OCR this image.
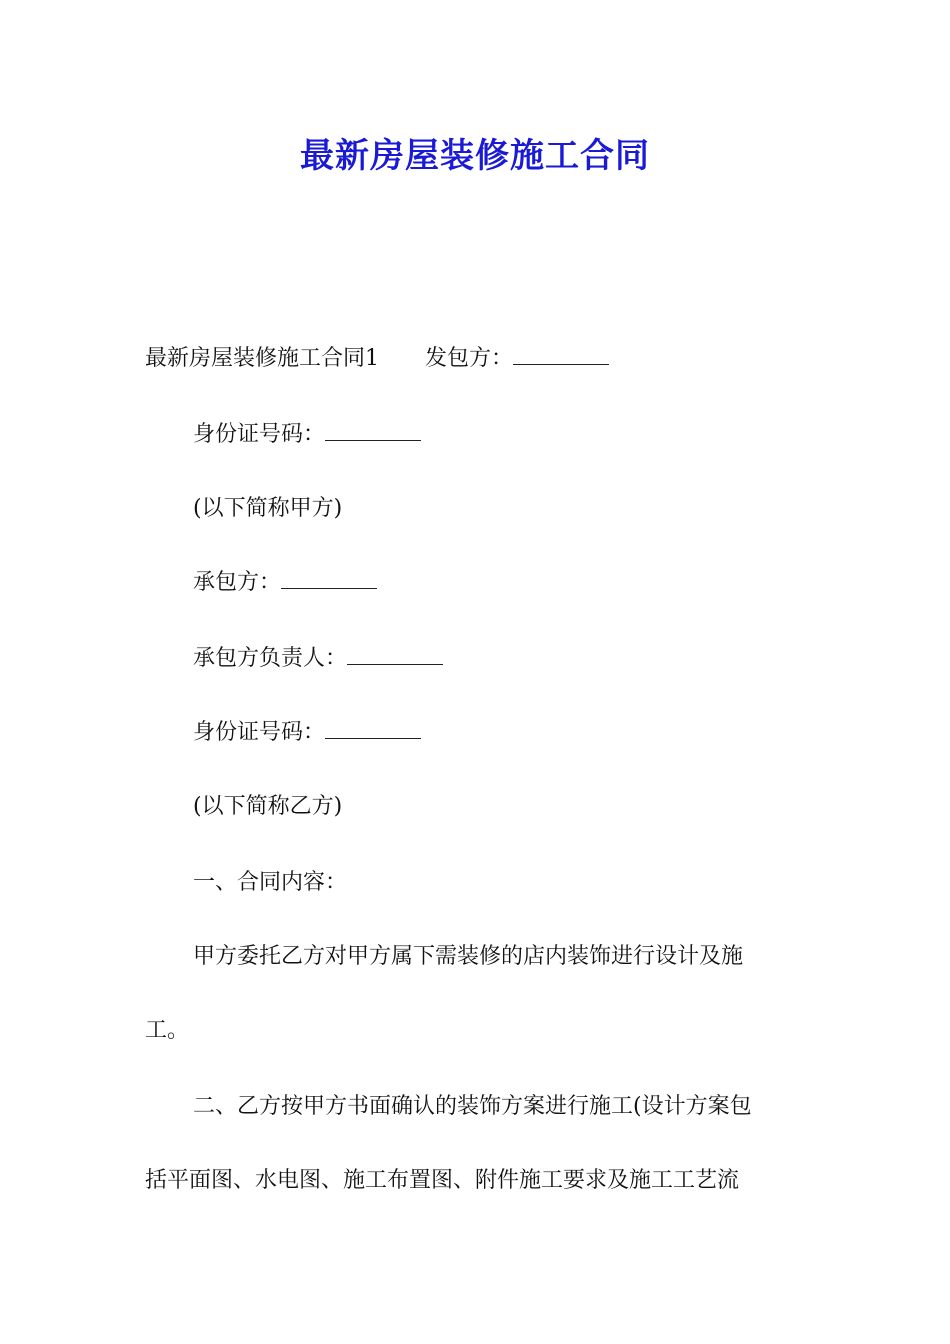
最新房屋装修施工合同
最新房屋装修施工合同1 发包方：
身份证号码：
(以下简称甲方)
承包方：
承包方负责人：
身份证号码：
(以下简称乙方)
一、合同内容：
甲方委托乙方对甲方属下需装修的店内装饰进行设计及施
工。
二、乙方按甲方书面确认的装饰方案进行施工(设计方案包
括平面图、水电图、施工布置图、附件施工要求及施工工艺流
